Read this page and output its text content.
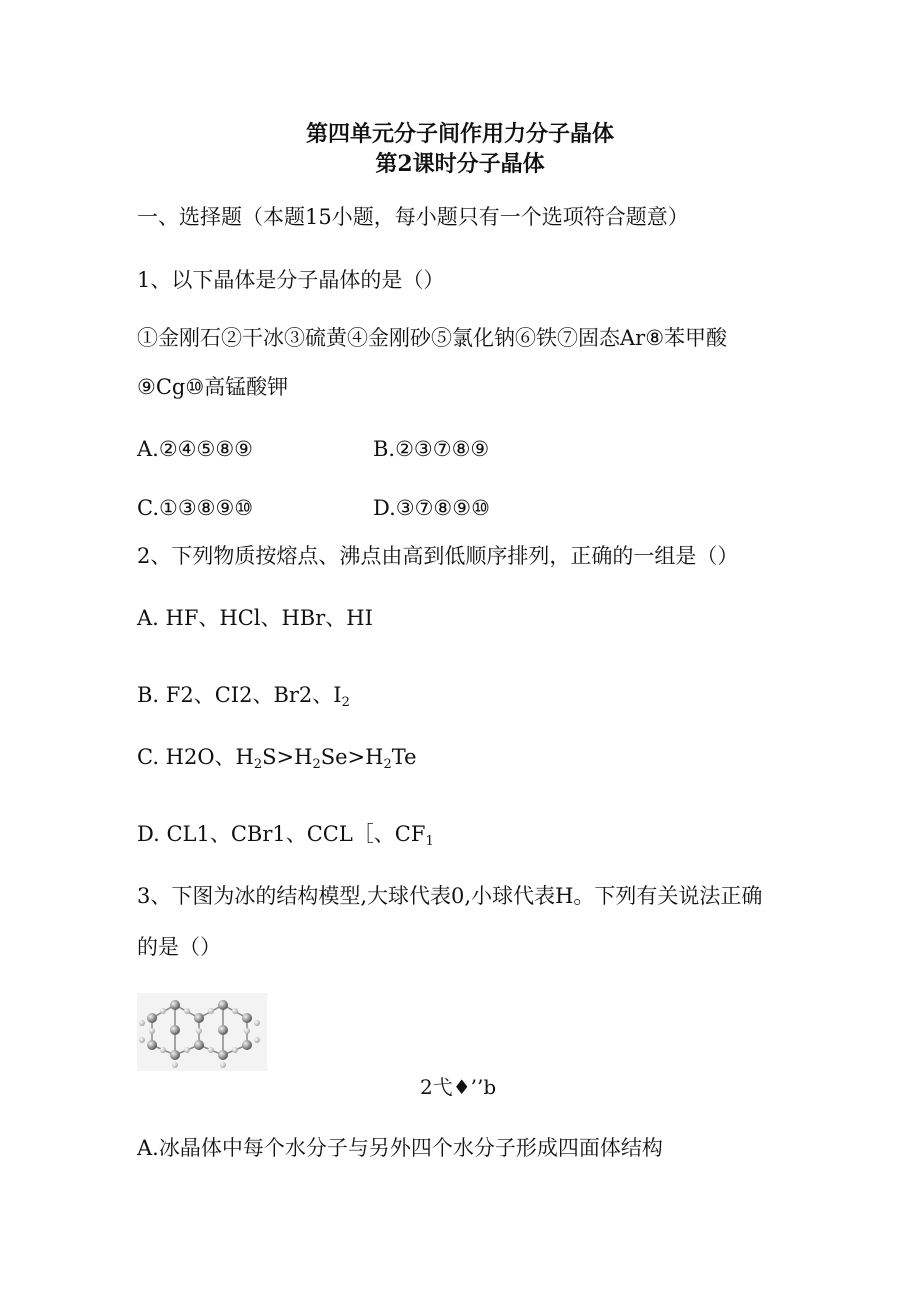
第四单元分子间作用力分子晶体
第2课时分子晶体
一、选择题（本题15小题，每小题只有一个选项符合题意）
1、以下晶体是分子晶体的是（）
①金刚石②干冰③硫黄④金刚砂⑤氯化钠⑥铁⑦固态Ar⑧苯甲酸
⑨Cg⑩高锰酸钾
A.②④⑤⑧⑨	B.②③⑦⑧⑨
C.①③⑧⑨⑩	D.③⑦⑧⑨⑩
2、下列物质按熔点、沸点由高到低顺序排列，正确的一组是（）
A. HF、HCl、HBr、HI
B. F2、CI2、Br2、$I_2$
C. H2O、$H_2S>H_2Se>H_2Te$
D. CL1、CBr1、CCL［、$CF_1$
3、下图为冰的结构模型,大球代表0,小球代表H。下列有关说法正确
的是（）
2弋♦’’b
A.冰晶体中每个水分子与另外四个水分子形成四面体结构
